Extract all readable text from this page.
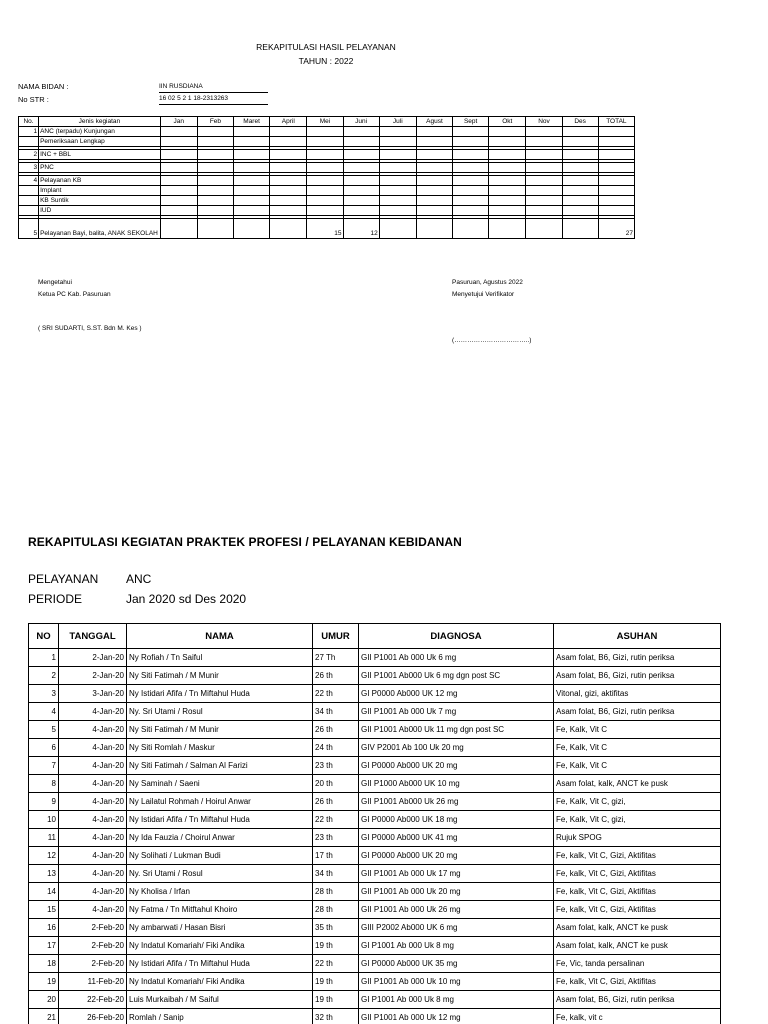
REKAPITULASI HASIL PELAYANAN
TAHUN : 2022
NAMA BIDAN :	IIN RUSDIANA
No STR :	16 02 5 2 1 18-2313263
No.	Jenis kegiatan	Jan	Feb	Maret	April	Mei	Juni	Juli	Agust	Sept	Okt	Nov	Des	TOTAL
1	ANC (terpadu) Kunjungan													
	Pemeriksaan Lengkap													

2	INC + BBL													

3	PNC													

4	Pelayanan KB													
	Implant													
	KB Suntik													
	IUD													

5	Pelayanan Bayi, balita, ANAK SEKOLAH					15	12							27
Mengetahui
Ketua PC Kab. Pasuruan
( SRI SUDARTI, S.ST. Bdn M. Kes )
Pasuruan, Agustus 2022
Menyetujui Verifikator
(……………………………..)
REKAPITULASI KEGIATAN PRAKTEK PROFESI / PELAYANAN KEBIDANAN
PELAYANAN ANC
PERIODE	Jan 2020 sd Des 2020
NO	TANGGAL	NAMA	UMUR	DIAGNOSA	ASUHAN
1	2-Jan-20	Ny Rofiah / Tn Saiful	27 Th	GII P1001 Ab 000 Uk 6 mg	Asam folat, B6, Gizi, rutin periksa
2	2-Jan-20	Ny Siti Fatimah / M Munir	26 th	GII P1001 Ab000 Uk 6 mg dgn post SC	Asam folat, B6, Gizi, rutin periksa
3	3-Jan-20	Ny Istidari Afifa / Tn Miftahul Huda	22 th	GI P0000 Ab000 UK 12 mg	Vitonal, gizi, aktifitas
4	4-Jan-20	Ny. Sri Utami / Rosul	34 th	GII P1001 Ab 000 Uk 7 mg	Asam folat, B6, Gizi, rutin periksa
5	4-Jan-20	Ny Siti Fatimah / M Munir	26 th	GII P1001 Ab000 Uk 11 mg dgn post SC	Fe, Kalk, Vit C
6	4-Jan-20	Ny Siti Romlah / Maskur	24 th	GIV P2001 Ab 100 Uk 20 mg	Fe, Kalk, Vit C
7	4-Jan-20	Ny Siti Fatimah / Salman Al Farizi	23 th	GI P0000 Ab000 UK 20 mg	Fe, Kalk, Vit C
8	4-Jan-20	Ny Saminah / Saeni	20 th	GII P1000 Ab000 UK 10 mg	Asam folat, kalk, ANCT ke pusk
9	4-Jan-20	Ny Lailatul Rohmah / Hoirul Anwar	26 th	GII P1001 Ab000 Uk 26 mg	Fe, Kalk, Vit C, gizi,
10	4-Jan-20	Ny Istidari Afifa / Tn Miftahul Huda	22 th	GI P0000 Ab000 UK 18 mg	Fe, Kalk, Vit C, gizi,
11	4-Jan-20	Ny Ida Fauzia / Choirul Anwar	23 th	GI P0000 Ab000 UK 41 mg	Rujuk SPOG
12	4-Jan-20	Ny Solihati / Lukman Budi	17 th	GI P0000 Ab000 UK 20 mg	Fe, kalk, Vit C, Gizi, Aktifitas
13	4-Jan-20	Ny. Sri Utami / Rosul	34 th	GII P1001 Ab 000 Uk 17 mg	Fe, kalk, Vit C, Gizi, Aktifitas
14	4-Jan-20	Ny Kholisa / Irfan	28 th	GII P1001 Ab 000 Uk 20 mg	Fe, kalk, Vit C, Gizi, Aktifitas
15	4-Jan-20	Ny Fatma / Tn Mitftahul Khoiro	28 th	GII P1001 Ab 000 Uk 26 mg	Fe, kalk, Vit C, Gizi, Aktifitas
16	2-Feb-20	Ny ambarwati / Hasan Bisri	35 th	GIII P2002 Ab000 UK 6 mg	Asam folat, kalk, ANCT ke pusk
17	2-Feb-20	Ny Indatul Komariah/ Fiki Andika	19 th	GI P1001 Ab 000 Uk 8 mg	Asam folat, kalk, ANCT ke pusk
18	2-Feb-20	Ny Istidari Afifa / Tn Miftahul Huda	22 th	GI P0000 Ab000 UK 35 mg	Fe, Vic, tanda persalinan
19	11-Feb-20	Ny Indatul Komariah/ Fiki Andika	19 th	GII P1001 Ab 000 Uk 10 mg	Fe, kalk, Vit C, Gizi, Aktifitas
20	22-Feb-20	Luis Murkaibah / M Saiful	19 th	GI P1001 Ab 000 Uk 8 mg	Asam folat, B6, Gizi, rutin periksa
21	26-Feb-20	Romlah / Sanip	32 th	GII P1001 Ab 000 Uk 12 mg	Fe, kalk, vit c
